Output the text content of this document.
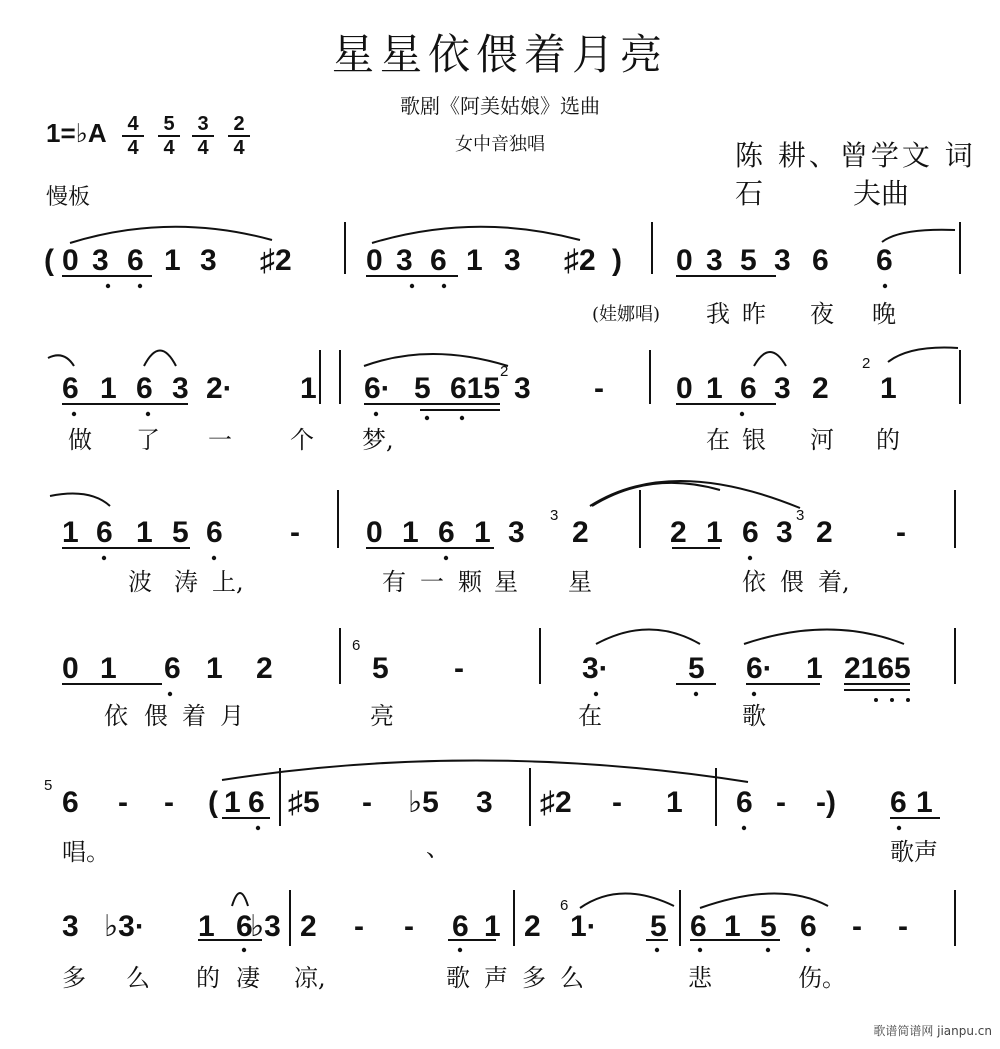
星星依偎着月亮
歌剧《阿美姑娘》选曲
女中音独唱
1=♭A 4
4
5
4
3
4
2
4	陈 耕、曾学文 词
石	夫曲
慢板
( 0 3 6 1 3 ♯2 0 3 6 1 3 ♯2 ) 0 3 5 3 6 6
(娃娜唱) 我 昨 夜 晚
6 1 6 3 2· 1 6· 5 615 3 - 0 1 6 3 2 1
2	2
做 了 一 个 梦,	在 银 河 的
1 6 1 5 6 - 0 1 6 1 3 2	2 1 6 3 2 -
3	3
波 涛 上,	有 一 颗 星 星	依 偎 着,
0 1 6 1 2	5 -	3·	5 6· 1 2165
6
依 偎 着 月	亮	在	歌
6 - - ( 1 6 ♯5 - ♭5 3 ♯2 - 1 6 - -) 6 1
5
唱。	、	歌声
3 ♭3· 1 6
♭3 2 - - 6 1 2 1· 5 6 1 5 6 - -
6
多 么 的 凄 凉,	歌 声 多 么	悲	伤。
歌谱简谱网 jianpu.cn
